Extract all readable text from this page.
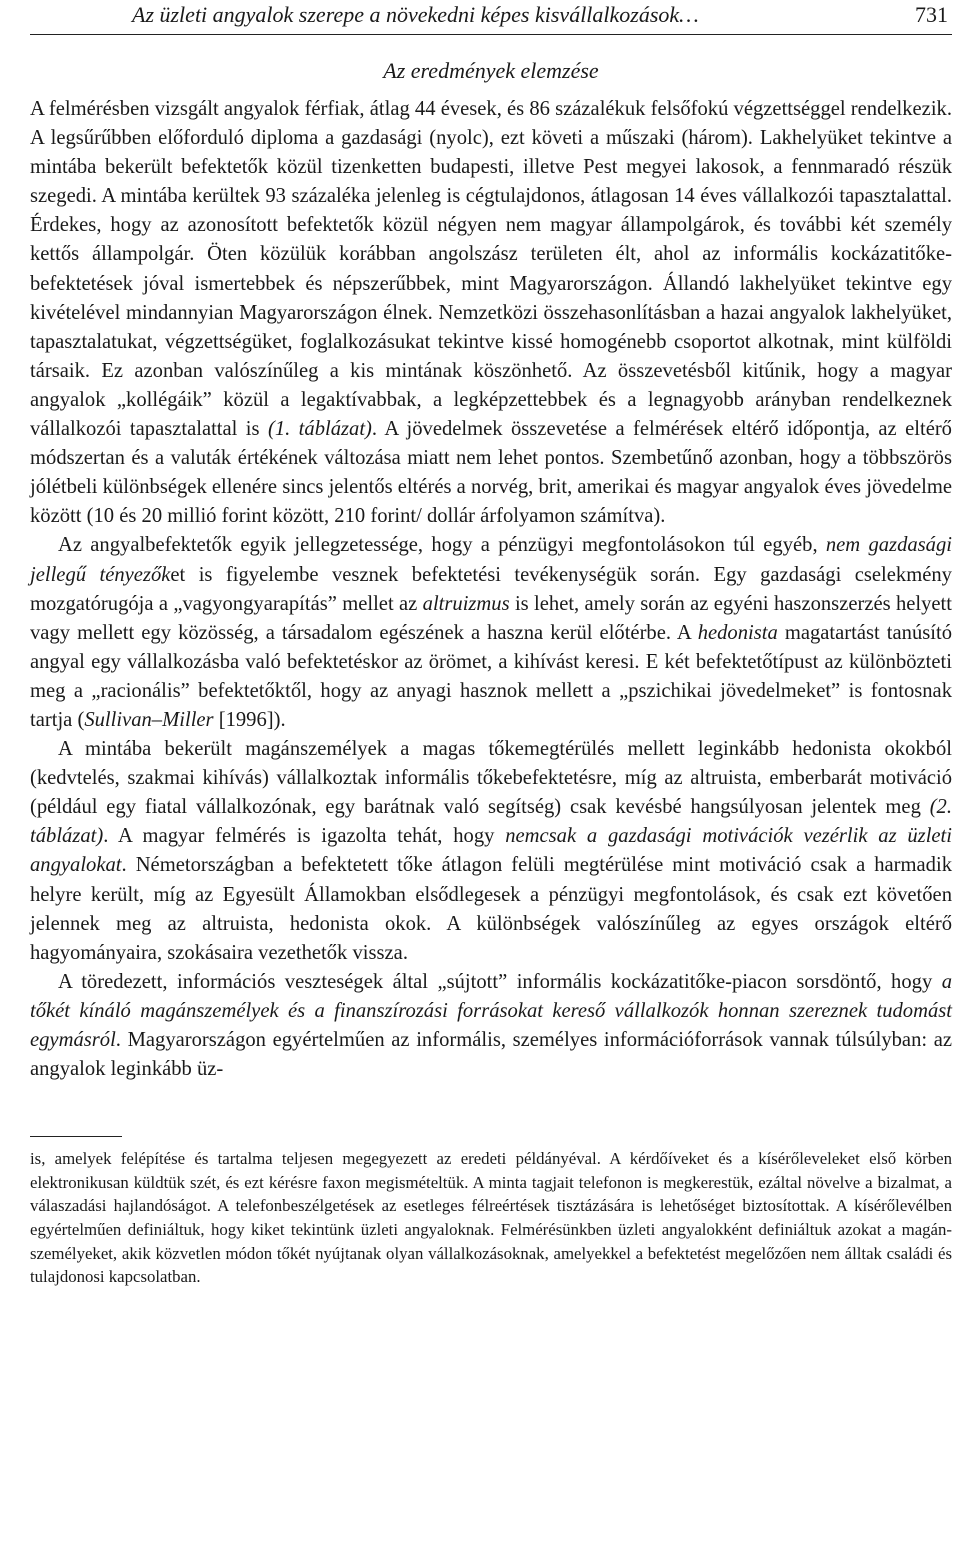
Az üzleti angyalok szerepe a növekedni képes kisvállalkozások…	731
Az eredmények elemzése

A felmérésben vizsgált angyalok férfiak, átlag 44 évesek, és 86 százalékuk felsőfokú végzettséggel rendelkezik. A legsűrűbben előforduló diploma a gazdasági (nyolc), ezt követi a műszaki (három). Lakhelyüket tekintve a mintába bekerült befektetők közül tizenketten budapesti, illetve Pest megyei lakosok, a fennmaradó részük szegedi. A mintába kerültek 93 százaléka jelenleg is cégtulajdonos, átlagosan 14 éves vállalkozói tapasztalattal. Érdekes, hogy az azonosított befektetők közül négyen nem magyar állampolgárok, és további két személy kettős állampolgár. Öten közülük korábban angolszász területen élt, ahol az informális kockázatitőke-befektetések jóval ismertebbek és népszerűbbek, mint Magyarországon. Állandó lakhelyüket tekintve egy kivételével mindannyian Magyarországon élnek. Nemzetközi összehasonlításban a hazai angyalok lakhelyüket, tapasztalatukat, végzettségüket, foglalkozásukat tekintve kissé homogénebb csoportot alkotnak, mint külföldi társaik. Ez azonban valószínűleg a kis mintának köszönhető. Az összevetésből kitűnik, hogy a magyar angyalok „kollégáik” közül a legaktívabbak, a legképzettebbek és a legnagyobb arányban rendelkeznek vállalkozói tapasztalattal is (1. táblázat). A jövedelmek összevetése a felmérések eltérő időpontja, az eltérő módszertan és a valuták értékének változása miatt nem lehet pontos. Szembetűnő azonban, hogy a többszörös jólétbeli különbségek ellenére sincs jelentős eltérés a norvég, brit, amerikai és magyar angyalok éves jövedelme között (10 és 20 millió forint között, 210 forint/ dollár árfolyamon számítva).

Az angyalbefektetők egyik jellegzetessége, hogy a pénzügyi megfontolásokon túl egyéb, nem gazdasági jellegű tényezőket is figyelembe vesznek befektetési tevékenységük során. Egy gazdasági cselekmény mozgatórugója a „vagyongyarapítás” mellet az altruizmus is lehet, amely során az egyéni haszonszerzés helyett vagy mellett egy közösség, a társadalom egészének a haszna kerül előtérbe. A hedonista magatartást tanúsító angyal egy vállalkozásba való befektetéskor az örömet, a kihívást keresi. E két befektetőtípust az különbözteti meg a „racionális” befektetőktől, hogy az anyagi hasznok mellett a „pszichikai jövedelmeket” is fontosnak tartja (Sullivan–Miller [1996]).

A mintába bekerült magánszemélyek a magas tőkemegtérülés mellett leginkább hedonista okokból (kedvtelés, szakmai kihívás) vállalkoztak informális tőkebefektetésre, míg az altruista, emberbarát motiváció (például egy fiatal vállalkozónak, egy barátnak való segítség) csak kevésbé hangsúlyosan jelentek meg (2. táblázat). A magyar felmérés is igazolta tehát, hogy nemcsak a gazdasági motivációk vezérlik az üzleti angyalokat. Németországban a befektetett tőke átlagon felüli megtérülése mint motiváció csak a harmadik helyre került, míg az Egyesült Államokban elsődlegesek a pénzügyi megfontolások, és csak ezt követően jelennek meg az altruista, hedonista okok. A különbségek valószínűleg az egyes országok eltérő hagyományaira, szokásaira vezethetők vissza.

A töredezett, információs veszteségek által „sújtott” informális kockázatitőke-piacon sorsdöntő, hogy a tőkét kínáló magánszemélyek és a finanszírozási forrásokat kereső vállalkozók honnan szereznek tudomást egymásról. Magyarországon egyértelműen az informális, személyes információforrások vannak túlsúlyban: az angyalok leginkább üz-

is, amelyek felépítése és tartalma teljesen megegyezett az eredeti példányéval. A kérdőíveket és a kísérőleveleket első körben elektronikusan küldtük szét, és ezt kérésre faxon megismételtük. A minta tagjait telefonon is megkerestük, ezáltal növelve a bizalmat, a válaszadási hajlandóságot. A telefonbeszélgetések az esetleges félreértések tisztázására is lehetőséget biztosítottak. A kísérőlevélben egyértelműen definiáltuk, hogy kiket tekintünk üzleti angyaloknak. Felmérésünkben üzleti angyalokként definiáltuk azokat a magánszemélyeket, akik közvetlen módon tőkét nyújtanak olyan vállalkozásoknak, amelyekkel a befektetést megelőzően nem álltak családi és tulajdonosi kapcsolatban.
